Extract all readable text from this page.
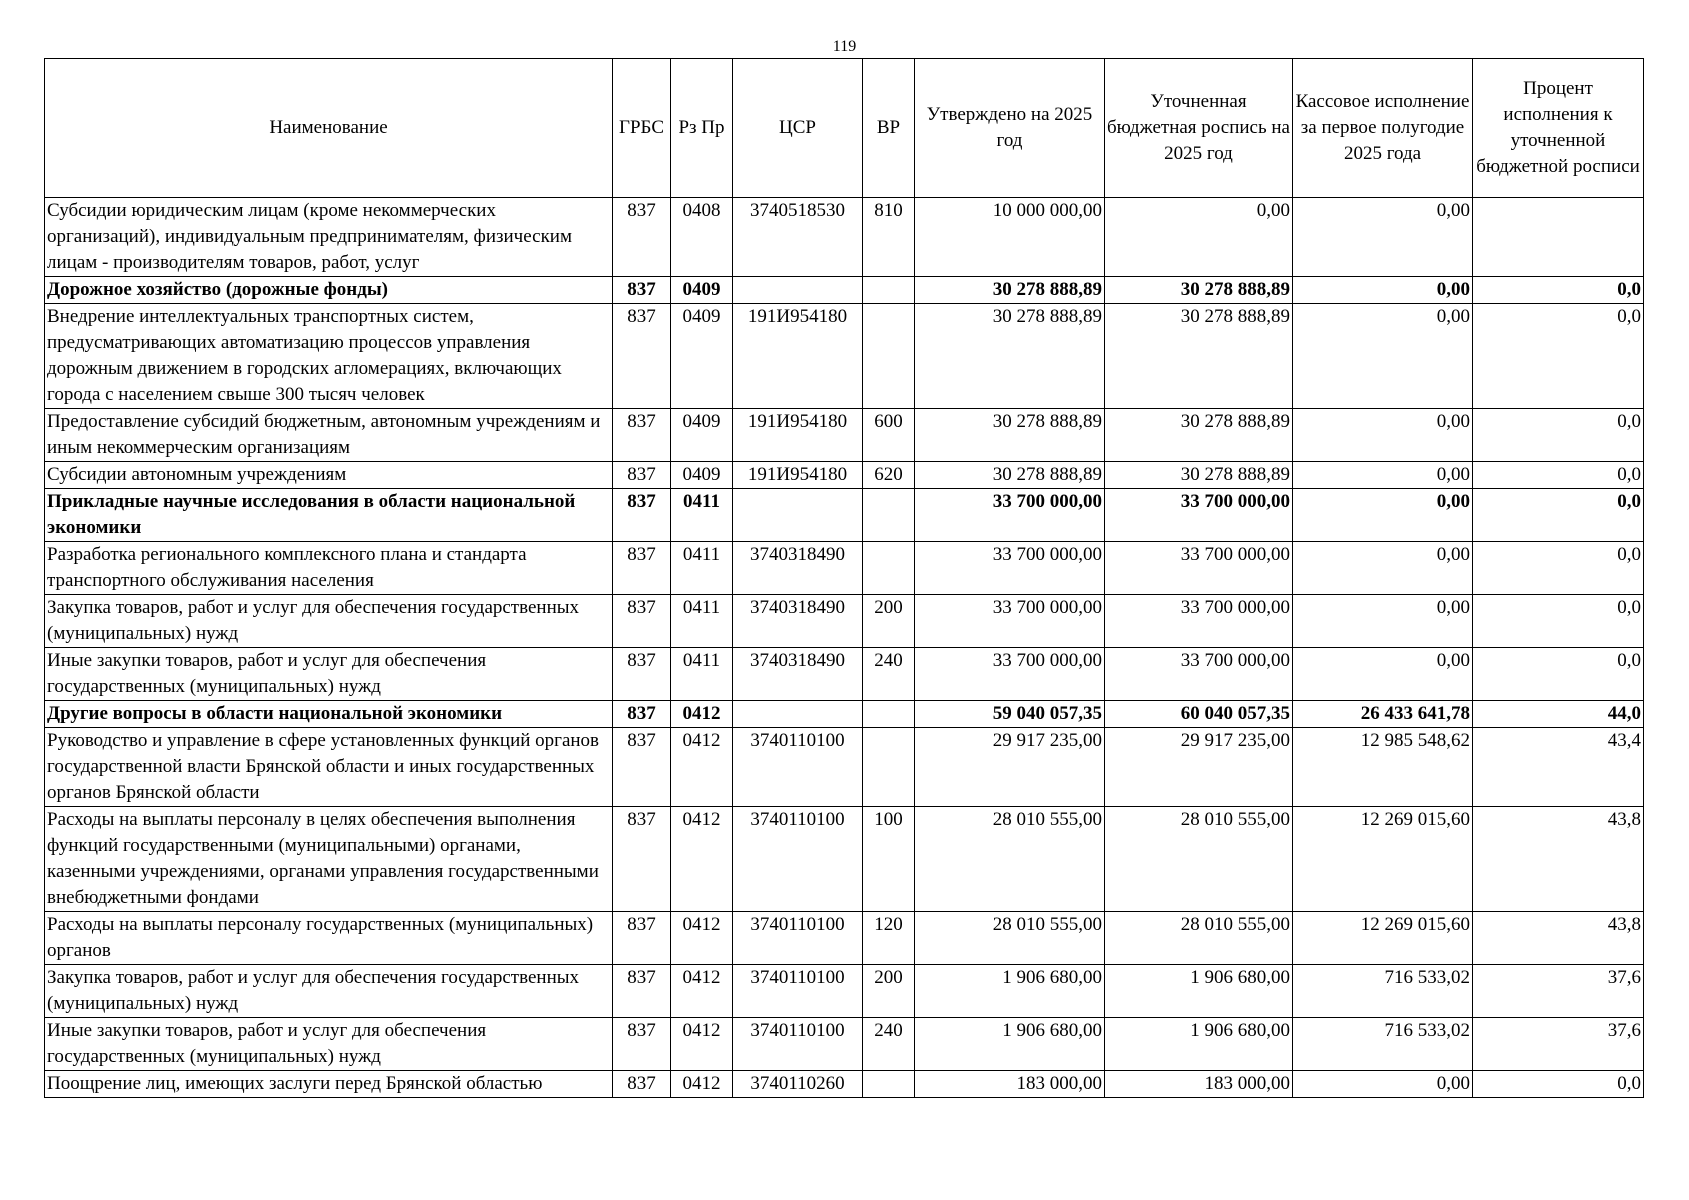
119
Наименование	ГРБС	Рз Пр	ЦСР	ВР	Утверждено на 2025 год	Уточненная бюджетная роспись на 2025 год	Кассовое исполнение за первое полугодие 2025 года	Процент исполнения к уточненной бюджетной росписи
Субсидии юридическим лицам (кроме некоммерческих организаций), индивидуальным предпринимателям, физическим лицам - производителям товаров, работ, услуг	837	0408	3740518530	810	10 000 000,00	0,00	0,00	
Дорожное хозяйство (дорожные фонды)	837	0409			30 278 888,89	30 278 888,89	0,00	0,0
Внедрение интеллектуальных транспортных систем, предусматривающих автоматизацию процессов управления дорожным движением в городских агломерациях, включающих города с населением свыше 300 тысяч человек	837	0409	191И954180		30 278 888,89	30 278 888,89	0,00	0,0
Предоставление субсидий бюджетным, автономным учреждениям и иным некоммерческим организациям	837	0409	191И954180	600	30 278 888,89	30 278 888,89	0,00	0,0
Субсидии автономным учреждениям	837	0409	191И954180	620	30 278 888,89	30 278 888,89	0,00	0,0
Прикладные научные исследования в области национальной экономики	837	0411			33 700 000,00	33 700 000,00	0,00	0,0
Разработка регионального комплексного плана и стандарта транспортного обслуживания населения	837	0411	3740318490		33 700 000,00	33 700 000,00	0,00	0,0
Закупка товаров, работ и услуг для обеспечения государственных (муниципальных) нужд	837	0411	3740318490	200	33 700 000,00	33 700 000,00	0,00	0,0
Иные закупки товаров, работ и услуг для обеспечения государственных (муниципальных) нужд	837	0411	3740318490	240	33 700 000,00	33 700 000,00	0,00	0,0
Другие вопросы в области национальной экономики	837	0412			59 040 057,35	60 040 057,35	26 433 641,78	44,0
Руководство и управление в сфере установленных функций органов государственной власти Брянской области и иных государственных органов Брянской области	837	0412	3740110100		29 917 235,00	29 917 235,00	12 985 548,62	43,4
Расходы на выплаты персоналу в целях обеспечения выполнения функций государственными (муниципальными) органами, казенными учреждениями, органами управления государственными внебюджетными фондами	837	0412	3740110100	100	28 010 555,00	28 010 555,00	12 269 015,60	43,8
Расходы на выплаты персоналу государственных (муниципальных) органов	837	0412	3740110100	120	28 010 555,00	28 010 555,00	12 269 015,60	43,8
Закупка товаров, работ и услуг для обеспечения государственных (муниципальных) нужд	837	0412	3740110100	200	1 906 680,00	1 906 680,00	716 533,02	37,6
Иные закупки товаров, работ и услуг для обеспечения государственных (муниципальных) нужд	837	0412	3740110100	240	1 906 680,00	1 906 680,00	716 533,02	37,6
Поощрение лиц, имеющих заслуги перед Брянской областью	837	0412	3740110260		183 000,00	183 000,00	0,00	0,0
